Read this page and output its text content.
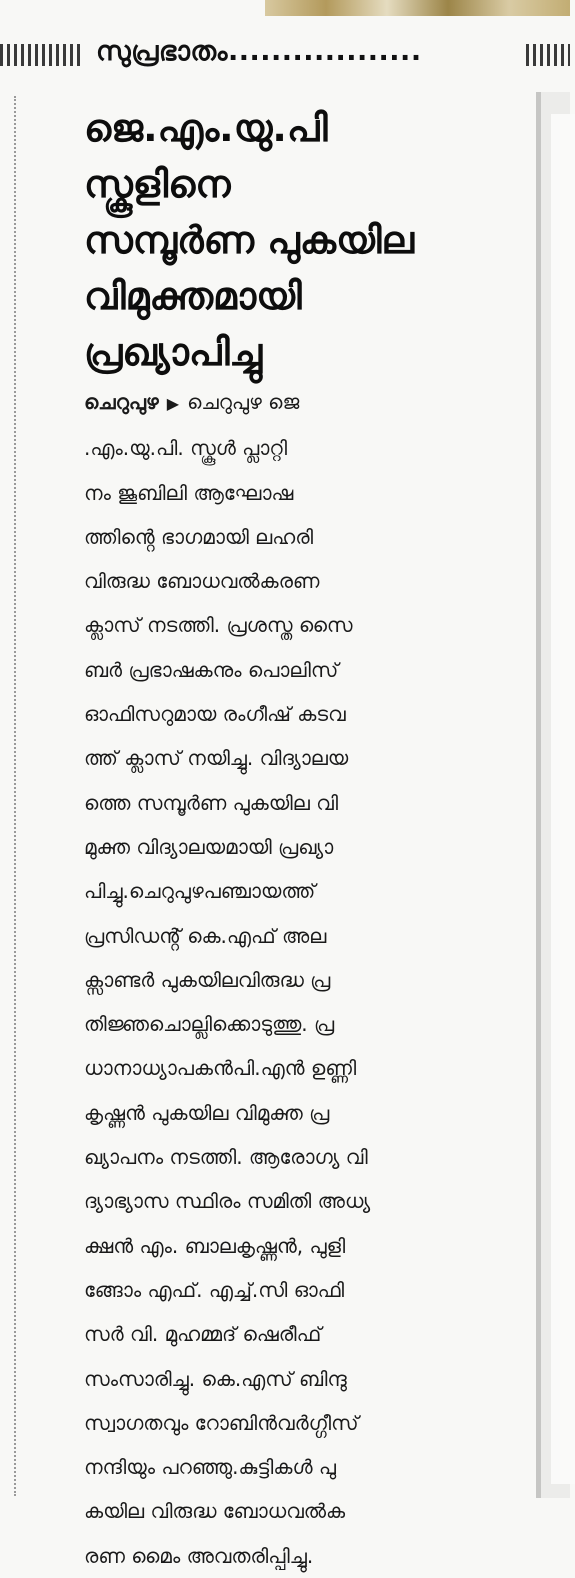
സുപ്രഭാതം..................
ജെ.എം.യു.പി
സ്കൂളിനെ
സമ്പൂർണ പുകയില
വിമുക്തമായി
പ്രഖ്യാപിച്ചു
ചെറുപുഴ ▶ ചെറുപുഴ ജെ
.എം.യു.പി. സ്കൂൾ പ്ലാറ്റി
നം ജൂബിലി ആഘോഷ
ത്തിൻ്റെ ഭാഗമായി ലഹരി
വിരുദ്ധ ബോധവൽകരണ
ക്ലാസ് നടത്തി. പ്രശസ്ത സൈ
ബർ പ്രഭാഷകനും പൊലിസ്
ഓഫിസറുമായ രംഗീഷ് കടവ
ത്ത് ക്ലാസ് നയിച്ചു. വിദ്യാലയ
ത്തെ സമ്പൂർണ പുകയില വി
മുക്ത വിദ്യാലയമായി പ്രഖ്യാ
പിച്ചു.ചെറുപുഴപഞ്ചായത്ത്
പ്രസിഡൻ്റ് കെ.എഫ് അല
ക്സാണ്ടർ പുകയിലവിരുദ്ധ പ്ര
തിജ്ഞചൊല്ലിക്കൊടുത്തു. പ്ര
ധാനാധ്യാപകൻപി.എൻ ഉണ്ണി
കൃഷ്ണൻ പുകയില വിമുക്ത പ്ര
ഖ്യാപനം നടത്തി. ആരോഗ്യ വി
ദ്യാഭ്യാസ സ്ഥിരം സമിതി അധ്യ
ക്ഷൻ എം. ബാലകൃഷ്ണൻ, പുളി
ങ്ങോം എഫ്. എച്ച്.സി ഓഫി
സർ വി. മുഹമ്മദ് ഷെരീഫ്
സംസാരിച്ചു. കെ.എസ് ബിന്ദു
സ്വാഗതവും റോബിൻവർഗ്ഗീസ്
നന്ദിയും പറഞ്ഞു.കുട്ടികൾ പു
കയില വിരുദ്ധ ബോധവൽക
രണ മൈം അവതരിപ്പിച്ചു.
